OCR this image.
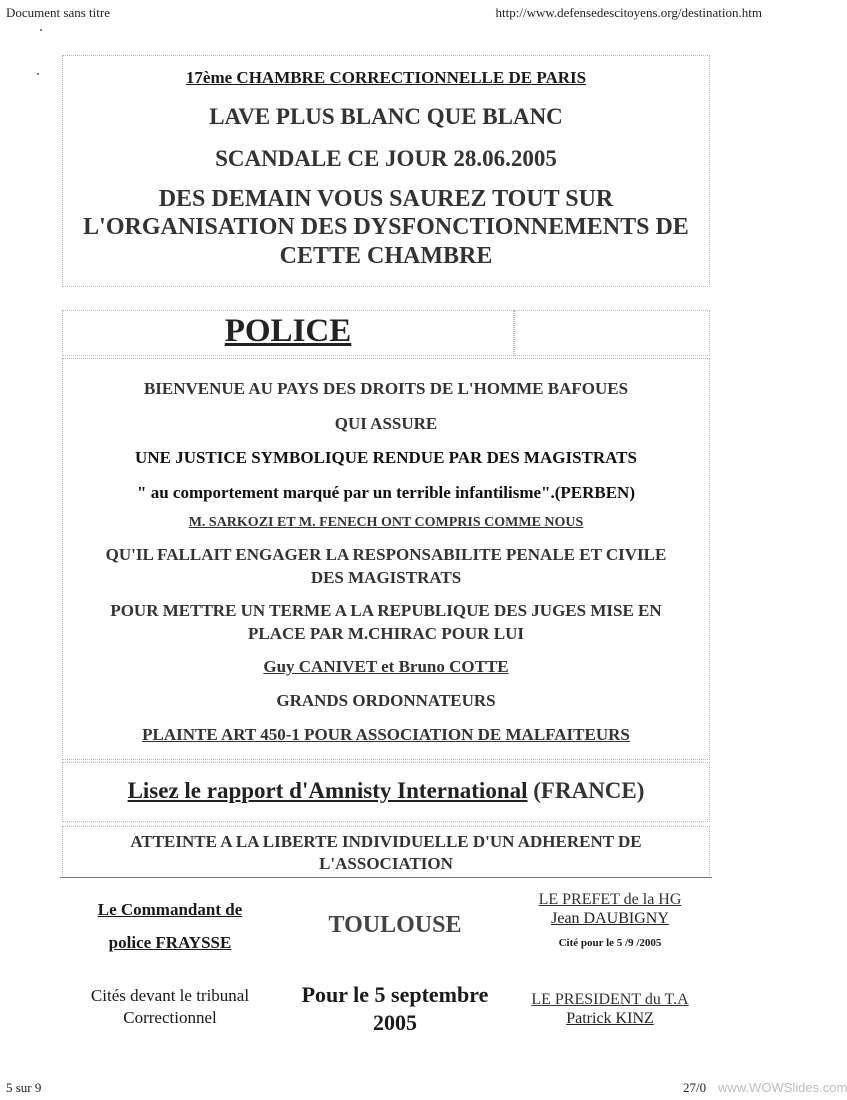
Document sans titre	http://www.defensedescitoyens.org/destination.htm
17ème CHAMBRE CORRECTIONNELLE DE PARIS
LAVE PLUS BLANC QUE BLANC
SCANDALE CE JOUR 28.06.2005
DES DEMAIN VOUS SAUREZ TOUT SUR
L'ORGANISATION DES DYSFONCTIONNEMENTS DE
CETTE CHAMBRE
POLICE
BIENVENUE AU PAYS DES DROITS DE L'HOMME BAFOUES
QUI ASSURE
UNE JUSTICE SYMBOLIQUE RENDUE PAR DES MAGISTRATS
" au comportement marqué par un terrible infantilisme".(PERBEN)
M. SARKOZI ET M. FENECH ONT COMPRIS COMME NOUS
QU'IL FALLAIT ENGAGER LA RESPONSABILITE PENALE ET CIVILE
DES MAGISTRATS
POUR METTRE UN TERME A LA REPUBLIQUE DES JUGES MISE EN
PLACE PAR M.CHIRAC POUR LUI
Guy CANIVET et Bruno COTTE
GRANDS ORDONNATEURS
PLAINTE ART 450-1 POUR ASSOCIATION DE MALFAITEURS
Lisez le rapport d'Amnisty International (FRANCE)
ATTEINTE A LA LIBERTE INDIVIDUELLE D'UN ADHERENT DE
L'ASSOCIATION
Le Commandant de
police FRAYSSE
Cités devant le tribunal
Correctionnel
TOULOUSE
Pour le 5 septembre
2005
LE PREFET de la HG
Jean DAUBIGNY
Cité pour le 5 /9 /2005
LE PRESIDENT du T.A
Patrick KINZ
5 sur 9	27/0 www.WOWSlides.com
